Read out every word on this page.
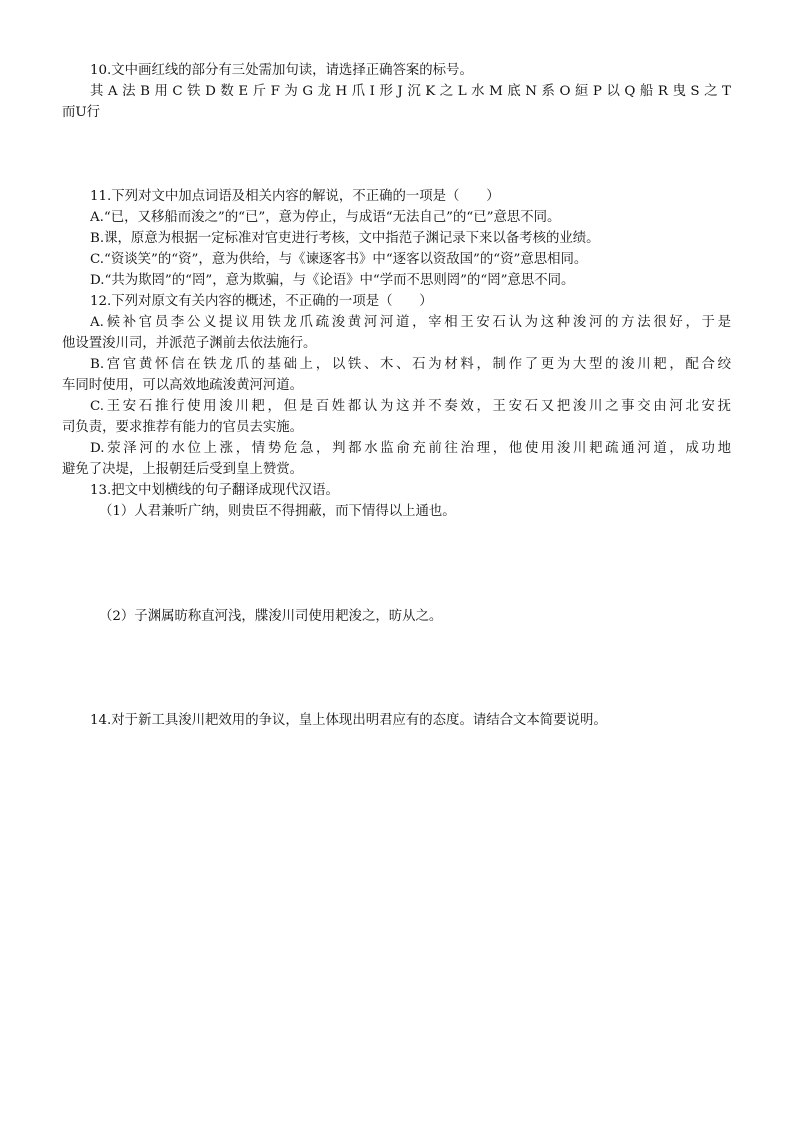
10.文中画红线的部分有三处需加句读，请选择正确答案的标号。
其A法B用C铁D数E斤F为G龙H爪I形J沉K之L水M底N系O絙P以Q船R曳S之T
而U行
11.下列对文中加点词语及相关内容的解说，不正确的一项是（　　）
A.“已，又移船而浚之”的“已”，意为停止，与成语“无法自己”的“已”意思不同。
B.课，原意为根据一定标准对官吏进行考核，文中指范子渊记录下来以备考核的业绩。
C.“资谈笑”的“资”，意为供给，与《谏逐客书》中“逐客以资敌国”的“资”意思相同。
D.“共为欺罔”的“罔”，意为欺骗，与《论语》中“学而不思则罔”的“罔”意思不同。
12.下列对原文有关内容的概述，不正确的一项是（　　）
A.候补官员李公义提议用铁龙爪疏浚黄河河道，宰相王安石认为这种浚河的方法很好，于是
他设置浚川司，并派范子渊前去依法施行。
B.宫官黄怀信在铁龙爪的基础上，以铁、木、石为材料，制作了更为大型的浚川耙，配合绞
车同时使用，可以高效地疏浚黄河河道。
C.王安石推行使用浚川耙，但是百姓都认为这并不奏效，王安石又把浚川之事交由河北安抚
司负责，要求推荐有能力的官员去实施。
D.荥泽河的水位上涨，情势危急，判都水监俞充前往治理，他使用浚川耙疏通河道，成功地
避免了决堤，上报朝廷后受到皇上赞赏。
13.把文中划横线的句子翻译成现代汉语。
（1）人君兼听广纳，则贵臣不得拥蔽，而下情得以上通也。
（2）子渊属昉称直河浅，牒浚川司使用耙浚之，昉从之。
14.对于新工具浚川耙效用的争议，皇上体现出明君应有的态度。请结合文本简要说明。
